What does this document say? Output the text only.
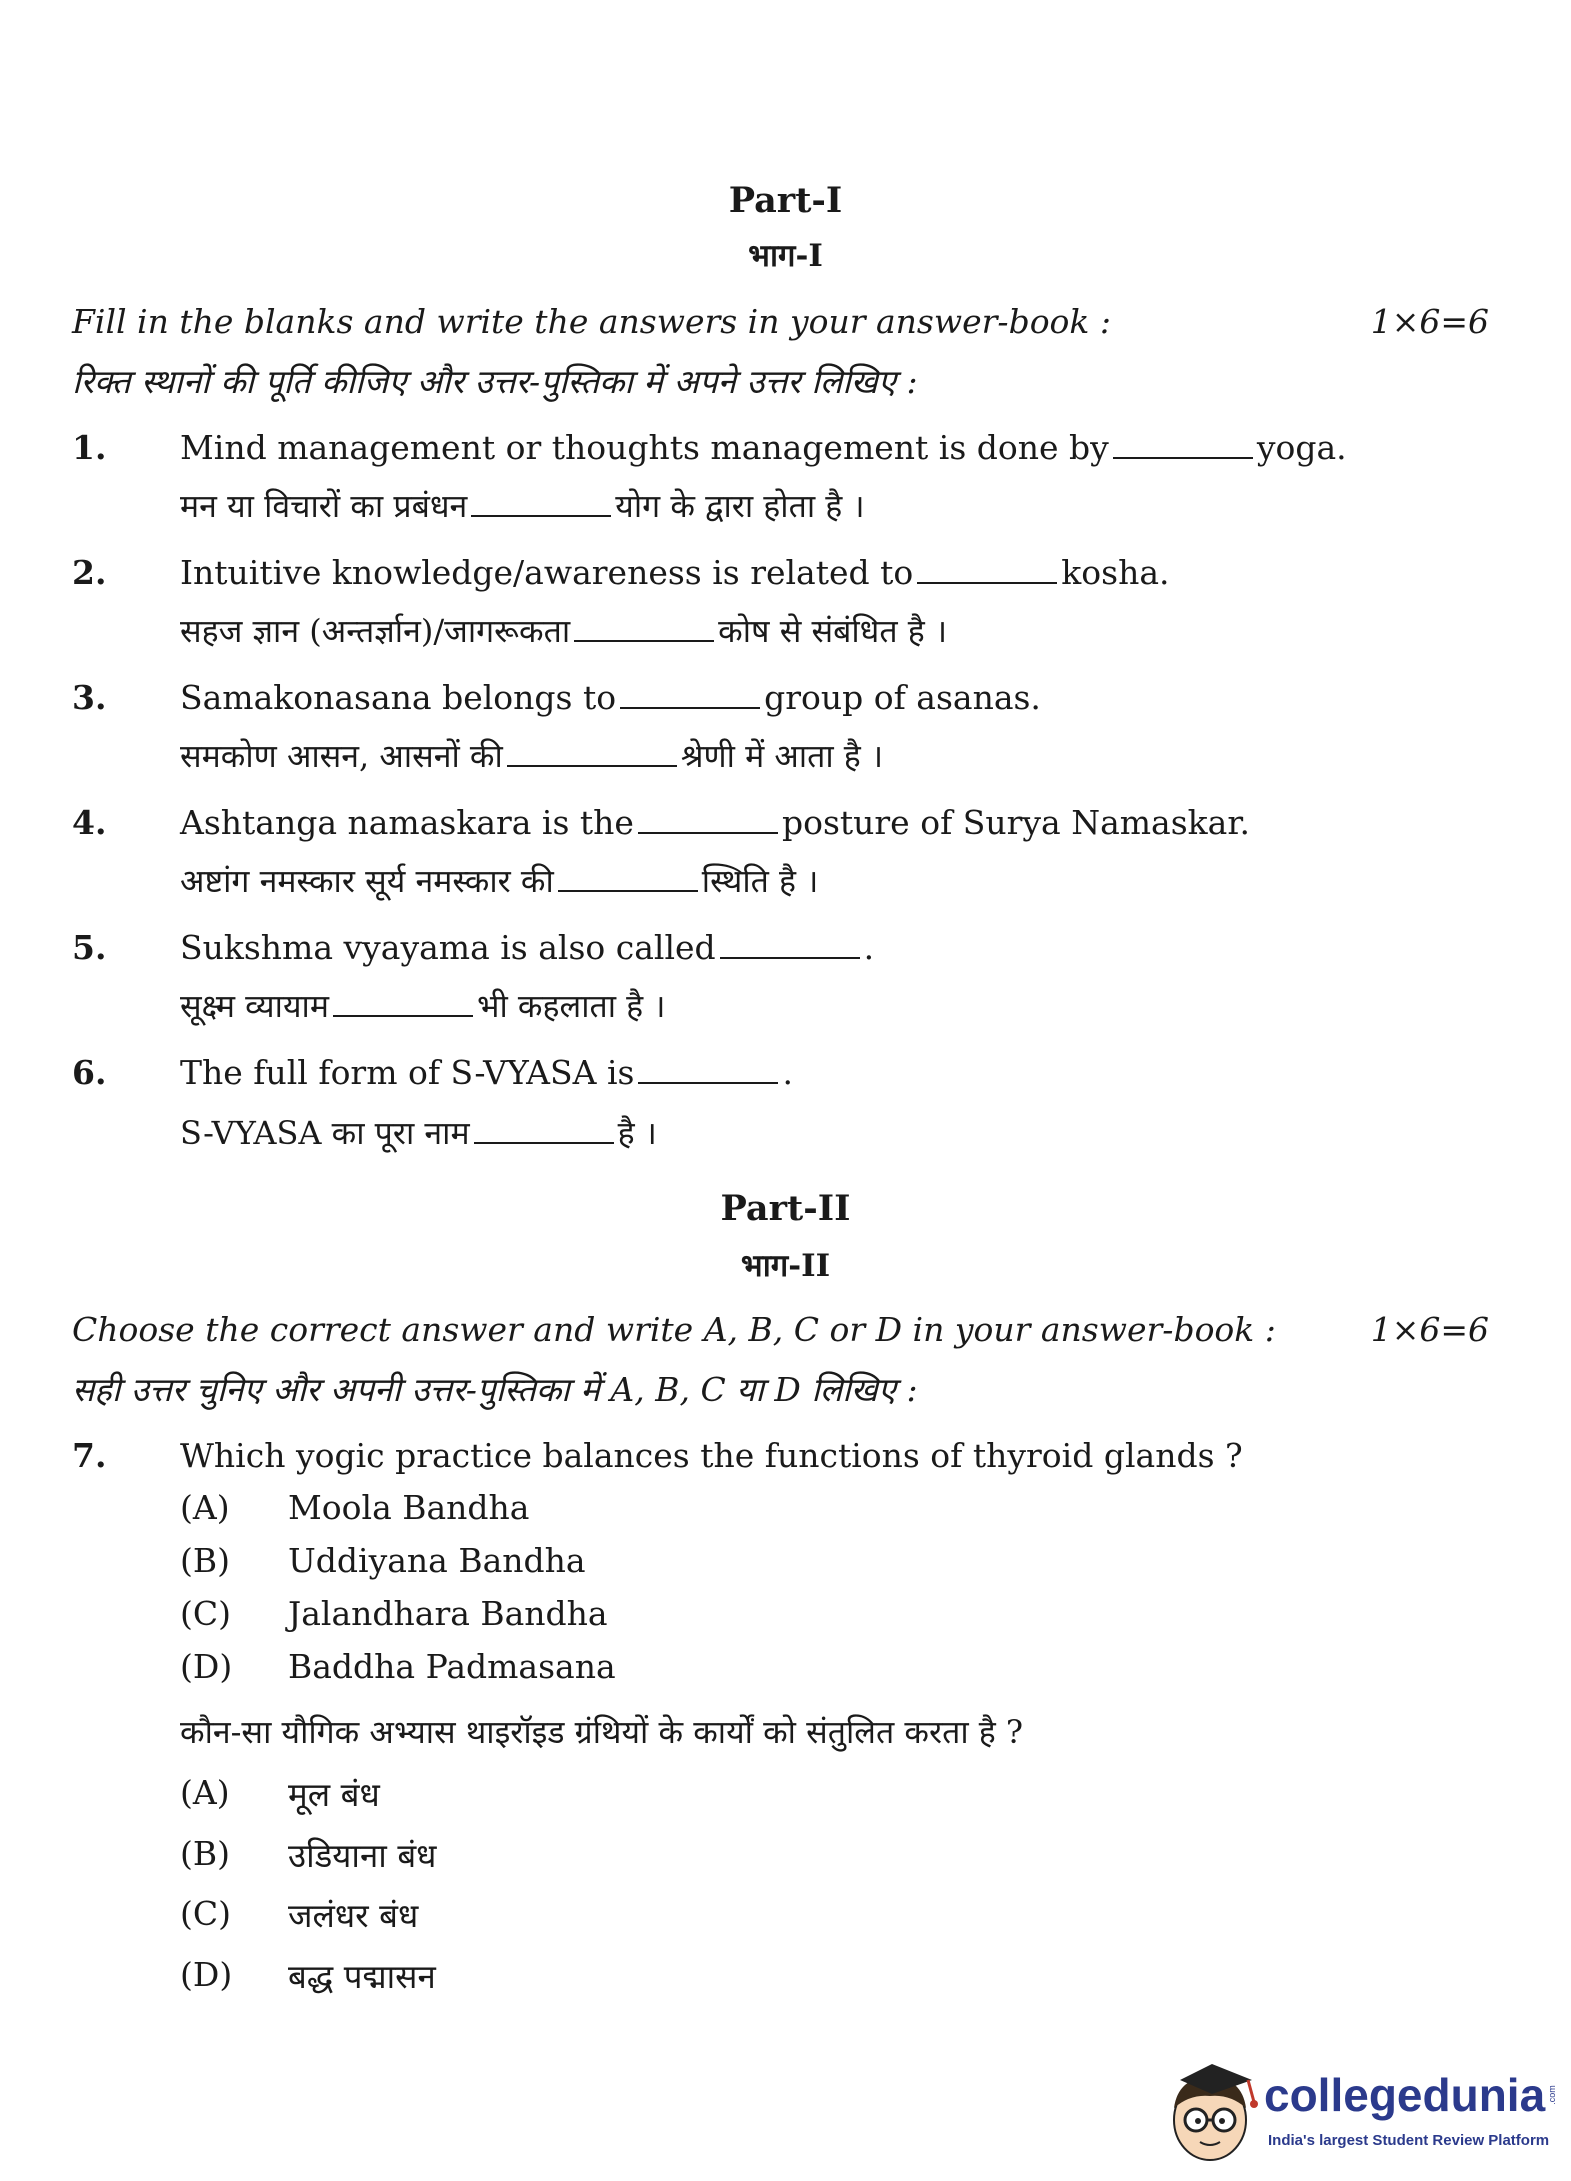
Part-I
भाग-I
Fill in the blanks and write the answers in your answer-book :	1×6=6
रिक्त स्थानों की पूर्ति कीजिए और उत्तर-पुस्तिका में अपने उत्तर लिखिए :
1. Mind management or thoughts management is done by	yoga.
मन या विचारों का प्रबंधन	योग के द्वारा होता है ।
2. Intuitive knowledge/awareness is related to	kosha.
सहज ज्ञान (अन्तर्ज्ञान)/जागरूकता	कोष से संबंधित है ।
3. Samakonasana belongs to	group of asanas.
समकोण आसन, आसनों की	श्रेणी में आता है ।
4. Ashtanga namaskara is the	posture of Surya Namaskar.
अष्टांग नमस्कार सूर्य नमस्कार की	स्थिति है ।
5. Sukshma vyayama is also called	.
सूक्ष्म व्यायाम	भी कहलाता है ।
6. The full form of S-VYASA is	.
S-VYASA का पूरा नाम	है ।
Part-II
भाग-II
Choose the correct answer and write A, B, C or D in your answer-book :	1×6=6
सही उत्तर चुनिए और अपनी उत्तर-पुस्तिका में A, B, C या D लिखिए :
7. Which yogic practice balances the functions of thyroid glands ?
(A) Moola Bandha
(B) Uddiyana Bandha
(C) Jalandhara Bandha
(D) Baddha Padmasana
कौन-सा यौगिक अभ्यास थाइरॉइड ग्रंथियों के कार्यों को संतुलित करता है ?
(A) मूल बंध
(B) उडियाना बंध
(C) जलंधर बंध
(D) बद्ध पद्मासन
collegedunia .com
India's largest Student Review Platform
